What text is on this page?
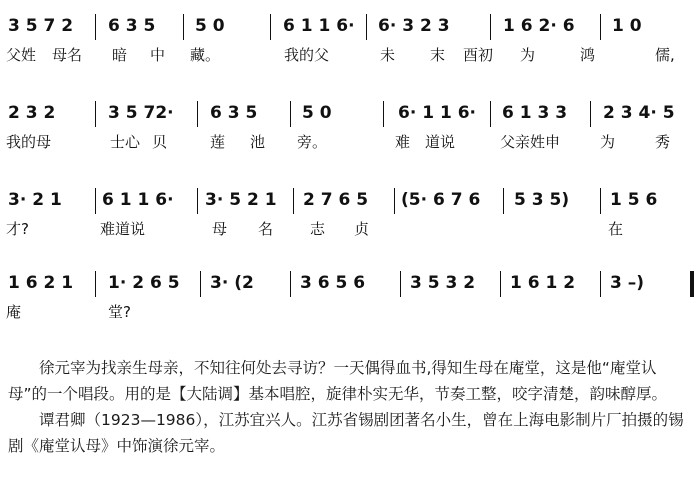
3 5 7 2 6 3 5 5 0	6 1 1 6· 6· 3 2 3	1 6 2· 6 1 0
父姓 母名 暗 中 藏。	我的父	未 末 酉初 为	鸿	儒,
2 3 2	3 5 72· 6 3 5	5 0	6· 1 1 6· 6 1 3 3 2 3 4· 5
我的母	士心 贝	莲 池 旁。	难 道说	父亲姓申	为	秀
3· 2 1 6 1 1 6· 3· 5 2 1 2 7 6 5 (5· 6 7 6 5 3 5) 1 5 6
才?	难道说	母 名 志 贞	在
1 6 2 1 1· 2 6 5 3· (2	3 6 5 6	3 5 3 2 1 6 1 2 3 –)
庵	堂?

徐元宰为找亲生母亲，不知往何处去寻访？一天偶得血书,得知生母在庵堂，这是他“庵堂认母”的一个唱段。用的是【大陆调】基本唱腔，旋律朴实无华，节奏工整，咬字清楚，韵味醇厚。

谭君卿（1923—1986），江苏宜兴人。江苏省锡剧团著名小生，曾在上海电影制片厂拍摄的锡剧《庵堂认母》中饰演徐元宰。
